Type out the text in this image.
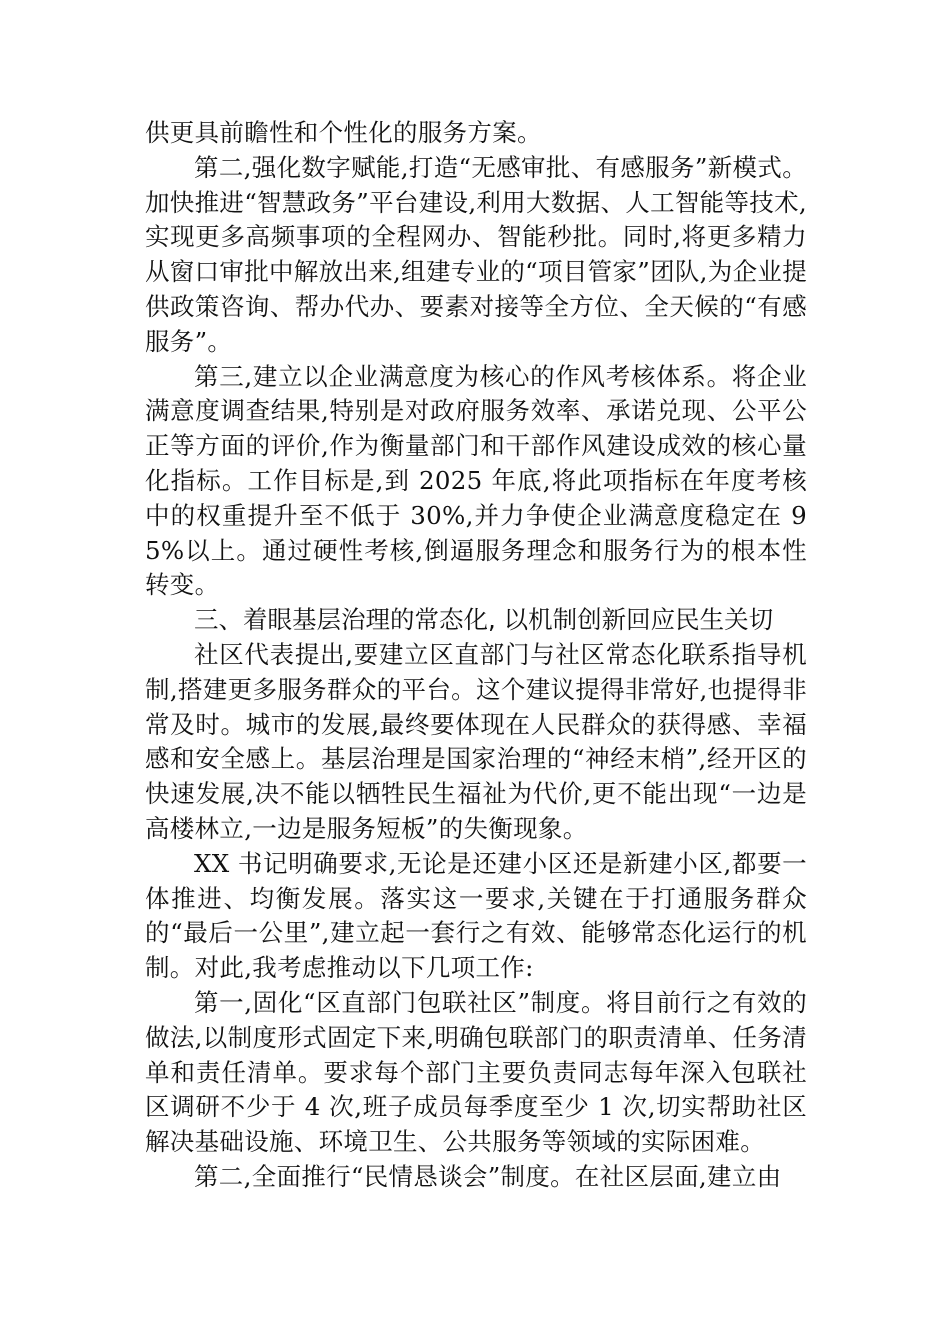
供更具前瞻性和个性化的服务方案。

第二,强化数字赋能,打造“无感审批、有感服务”新模式。加快推进“智慧政务”平台建设,利用大数据、人工智能等技术,实现更多高频事项的全程网办、智能秒批。同时,将更多精力从窗口审批中解放出来,组建专业的“项目管家”团队,为企业提供政策咨询、帮办代办、要素对接等全方位、全天候的“有感服务”。

第三,建立以企业满意度为核心的作风考核体系。将企业满意度调查结果,特别是对政府服务效率、承诺兑现、公平公正等方面的评价,作为衡量部门和干部作风建设成效的核心量化指标。工作目标是,到 2025 年底,将此项指标在年度考核中的权重提升至不低于 30%,并力争使企业满意度稳定在 95%以上。通过硬性考核,倒逼服务理念和服务行为的根本性转变。

三、着眼基层治理的常态化, 以机制创新回应民生关切

社区代表提出,要建立区直部门与社区常态化联系指导机制,搭建更多服务群众的平台。这个建议提得非常好,也提得非常及时。城市的发展,最终要体现在人民群众的获得感、幸福感和安全感上。基层治理是国家治理的“神经末梢”,经开区的快速发展,决不能以牺牲民生福祉为代价,更不能出现“一边是高楼林立,一边是服务短板”的失衡现象。

XX 书记明确要求,无论是还建小区还是新建小区,都要一体推进、均衡发展。落实这一要求,关键在于打通服务群众的“最后一公里”,建立起一套行之有效、能够常态化运行的机制。对此,我考虑推动以下几项工作:

第一,固化“区直部门包联社区”制度。将目前行之有效的做法,以制度形式固定下来,明确包联部门的职责清单、任务清单和责任清单。要求每个部门主要负责同志每年深入包联社区调研不少于 4 次,班子成员每季度至少 1 次,切实帮助社区解决基础设施、环境卫生、公共服务等领域的实际困难。

第二,全面推行“民情恳谈会”制度。在社区层面,建立由
